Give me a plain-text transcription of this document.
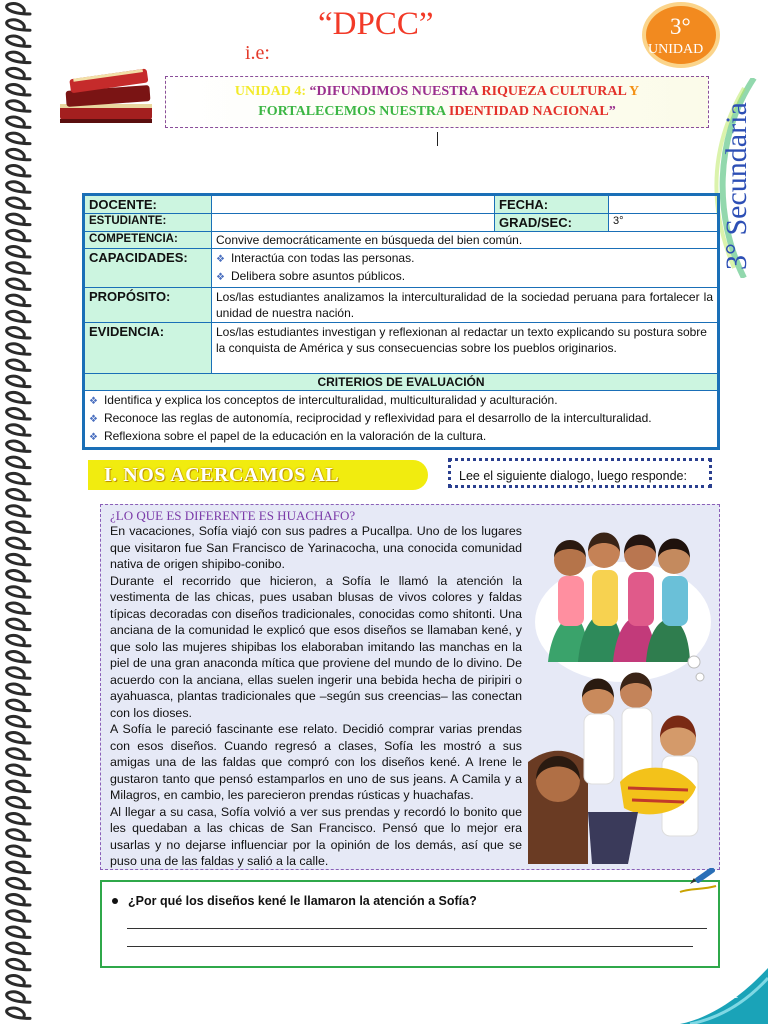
“DPCC”
i.e:
3°
UNIDAD
3° Secundaria
UNIDAD 4: “DIFUNDIMOS NUESTRA RIQUEZA CULTURAL Y
FORTALECEMOS NUESTRA IDENTIDAD NACIONAL”
DOCENTE:		FECHA:	
ESTUDIANTE:		GRAD/SEC:	3°
COMPETENCIA:	Convive democráticamente en búsqueda del bien común.		
CAPACIDADES:	❖ Interactúa con todas las personas.
❖ Delibera sobre asuntos públicos.		

PROPÓSITO:	Los/las estudiantes analizamos la interculturalidad de la sociedad peruana para fortalecer la unidad de nuestra nación.		
EVIDENCIA:	Los/las estudiantes investigan y reflexionan al redactar un texto explicando su postura sobre la conquista de América y sus consecuencias sobre los pueblos originarios.		
CRITERIOS DE EVALUACIÓN			

❖ Identifica y explica los conceptos de interculturalidad, multiculturalidad y aculturación.
❖ Reconoce las reglas de autonomía, reciprocidad y reflexividad para el desarrollo de la interculturalidad.
❖ Reflexiona sobre el papel de la educación en la valoración de la cultura.			
I. NOS ACERCAMOS AL	Lee el siguiente dialogo, luego responde:
¿LO QUE ES DIFERENTE ES HUACHAFO?

En vacaciones, Sofía viajó con sus padres a Pucallpa. Uno de los lugares que visitaron fue San Francisco de Yarinacocha, una conocida comunidad nativa de origen shipibo-conibo.

Durante el recorrido que hicieron, a Sofía le llamó la atención la vestimenta de las chicas, pues usaban blusas de vivos colores y faldas típicas decoradas con diseños tradicionales, conocidas como shitonti. Una anciana de la comunidad le explicó que esos diseños se llamaban kené, y que solo las mujeres shipibas los elaboraban imitando las manchas en la piel de una gran anaconda mítica que proviene del mundo de lo divino. De acuerdo con la anciana, ellas suelen ingerir una bebida hecha de piripiri o ayahuasca, plantas tradicionales que –según sus creencias– las conectan con los dioses.

A Sofía le pareció fascinante ese relato. Decidió comprar varias prendas con esos diseños. Cuando regresó a clases, Sofía les mostró a sus amigas una de las faldas que compró con los diseños kené. A Irene le gustaron tanto que pensó estamparlos en uno de sus jeans. A Camila y a Milagros, en cambio, les parecieron prendas rústicas y huachafas.

Al llegar a su casa, Sofía volvió a ver sus prendas y recordó lo bonito que les quedaban a las chicas de San Francisco. Pensó que lo mejor era usarlas y no dejarse influenciar por la opinión de los demás, así que se puso una de las faldas y salió a la calle.

¿Por qué los diseños kené le llamaron la atención a Sofía?
1
